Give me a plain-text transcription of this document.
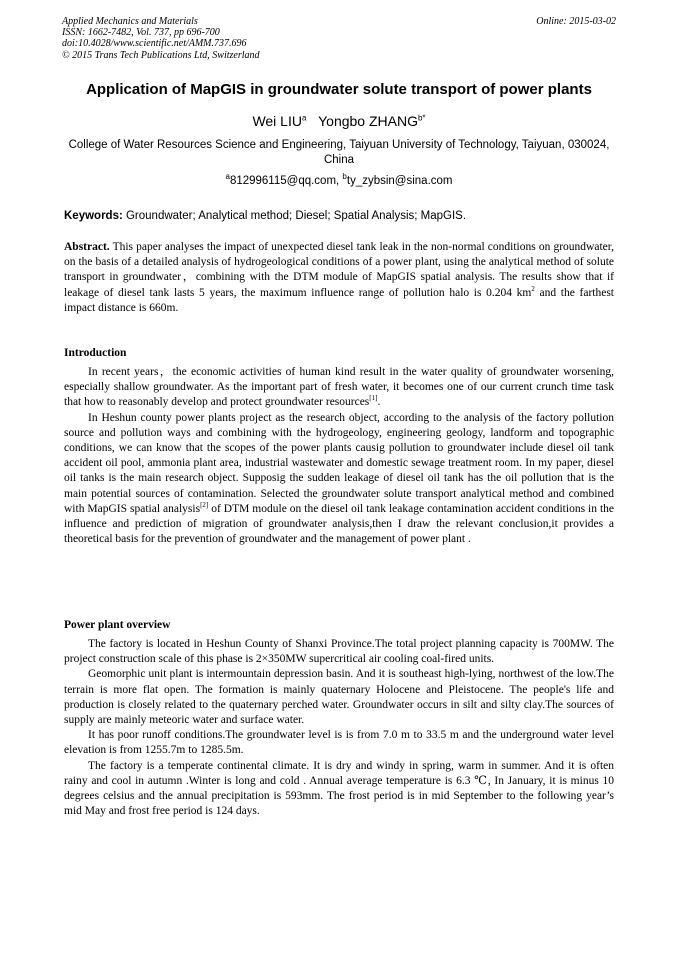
Applied Mechanics and Materials
ISSN: 1662-7482, Vol. 737, pp 696-700
doi:10.4028/www.scientific.net/AMM.737.696
© 2015 Trans Tech Publications Ltd, Switzerland
Online: 2015-03-02
Application of MapGIS in groundwater solute transport of power plants
Wei LIU$^a$ Yongbo $ZHANG^{b*}$
College of Water Resources Science and Engineering, Taiyuan University of Technology, Taiyuan, 030024, China
$^a$812996115@qq.com, $^b$ty_zybsin@sina.com
Keywords: Groundwater; Analytical method; Diesel; Spatial Analysis; MapGIS.
Abstract. This paper analyses the impact of unexpected diesel tank leak in the non-normal conditions on groundwater, on the basis of a detailed analysis of hydrogeological conditions of a power plant, using the analytical method of solute transport in groundwater，combining with the DTM module of MapGIS spatial analysis. The results show that if leakage of diesel tank lasts 5 years, the maximum influence range of pollution halo is 0.204 $km^2$ and the farthest impact distance is 660m.
Introduction

In recent years，the economic activities of human kind result in the water quality of groundwater worsening, especially shallow groundwater. As the important part of fresh water, it becomes one of our current crunch time task that how to reasonably develop and protect groundwater resources[1].

In Heshun county power plants project as the research object, according to the analysis of the factory pollution source and pollution ways and combining with the hydrogeology, engineering geology, landform and topographic conditions, we can know that the scopes of the power plants causig pollution to groundwater include diesel oil tank accident oil pool, ammonia plant area, industrial wastewater and domestic sewage treatment room. In my paper, diesel oil tanks is the main research object. Supposig the sudden leakage of diesel oil tank has the oil pollution that is the main potential sources of contamination. Selected the groundwater solute transport analytical method and combined with MapGIS spatial analysis[2] of DTM module on the diesel oil tank leakage contamination accident conditions in the influence and prediction of migration of groundwater analysis,then I draw the relevant conclusion,it provides a theoretical basis for the prevention of groundwater and the management of power plant .

Power plant overview

The factory is located in Heshun County of Shanxi Province.The total project planning capacity is 700MW. The project construction scale of this phase is 2×350MW supercritical air cooling coal-fired units.

Geomorphic unit plant is intermountain depression basin. And it is southeast high-lying, northwest of the low.The terrain is more flat open. The formation is mainly quaternary Holocene and Pleistocene. The people's life and production is closely related to the quaternary perched water. Groundwater occurs in silt and silty clay.The sources of supply are mainly meteoric water and surface water.

It has poor runoff conditions.The groundwater level is is from 7.0 m to 33.5 m and the underground water level elevation is from 1255.7m to 1285.5m.

The factory is a temperate continental climate. It is dry and windy in spring, warm in summer. And it is often rainy and cool in autumn .Winter is long and cold . Annual average temperature is 6.3 ℃, In January, it is minus 10 degrees celsius and the annual precipitation is 593mm. The frost period is in mid September to the following year’s mid May and frost free period is 124 days.
